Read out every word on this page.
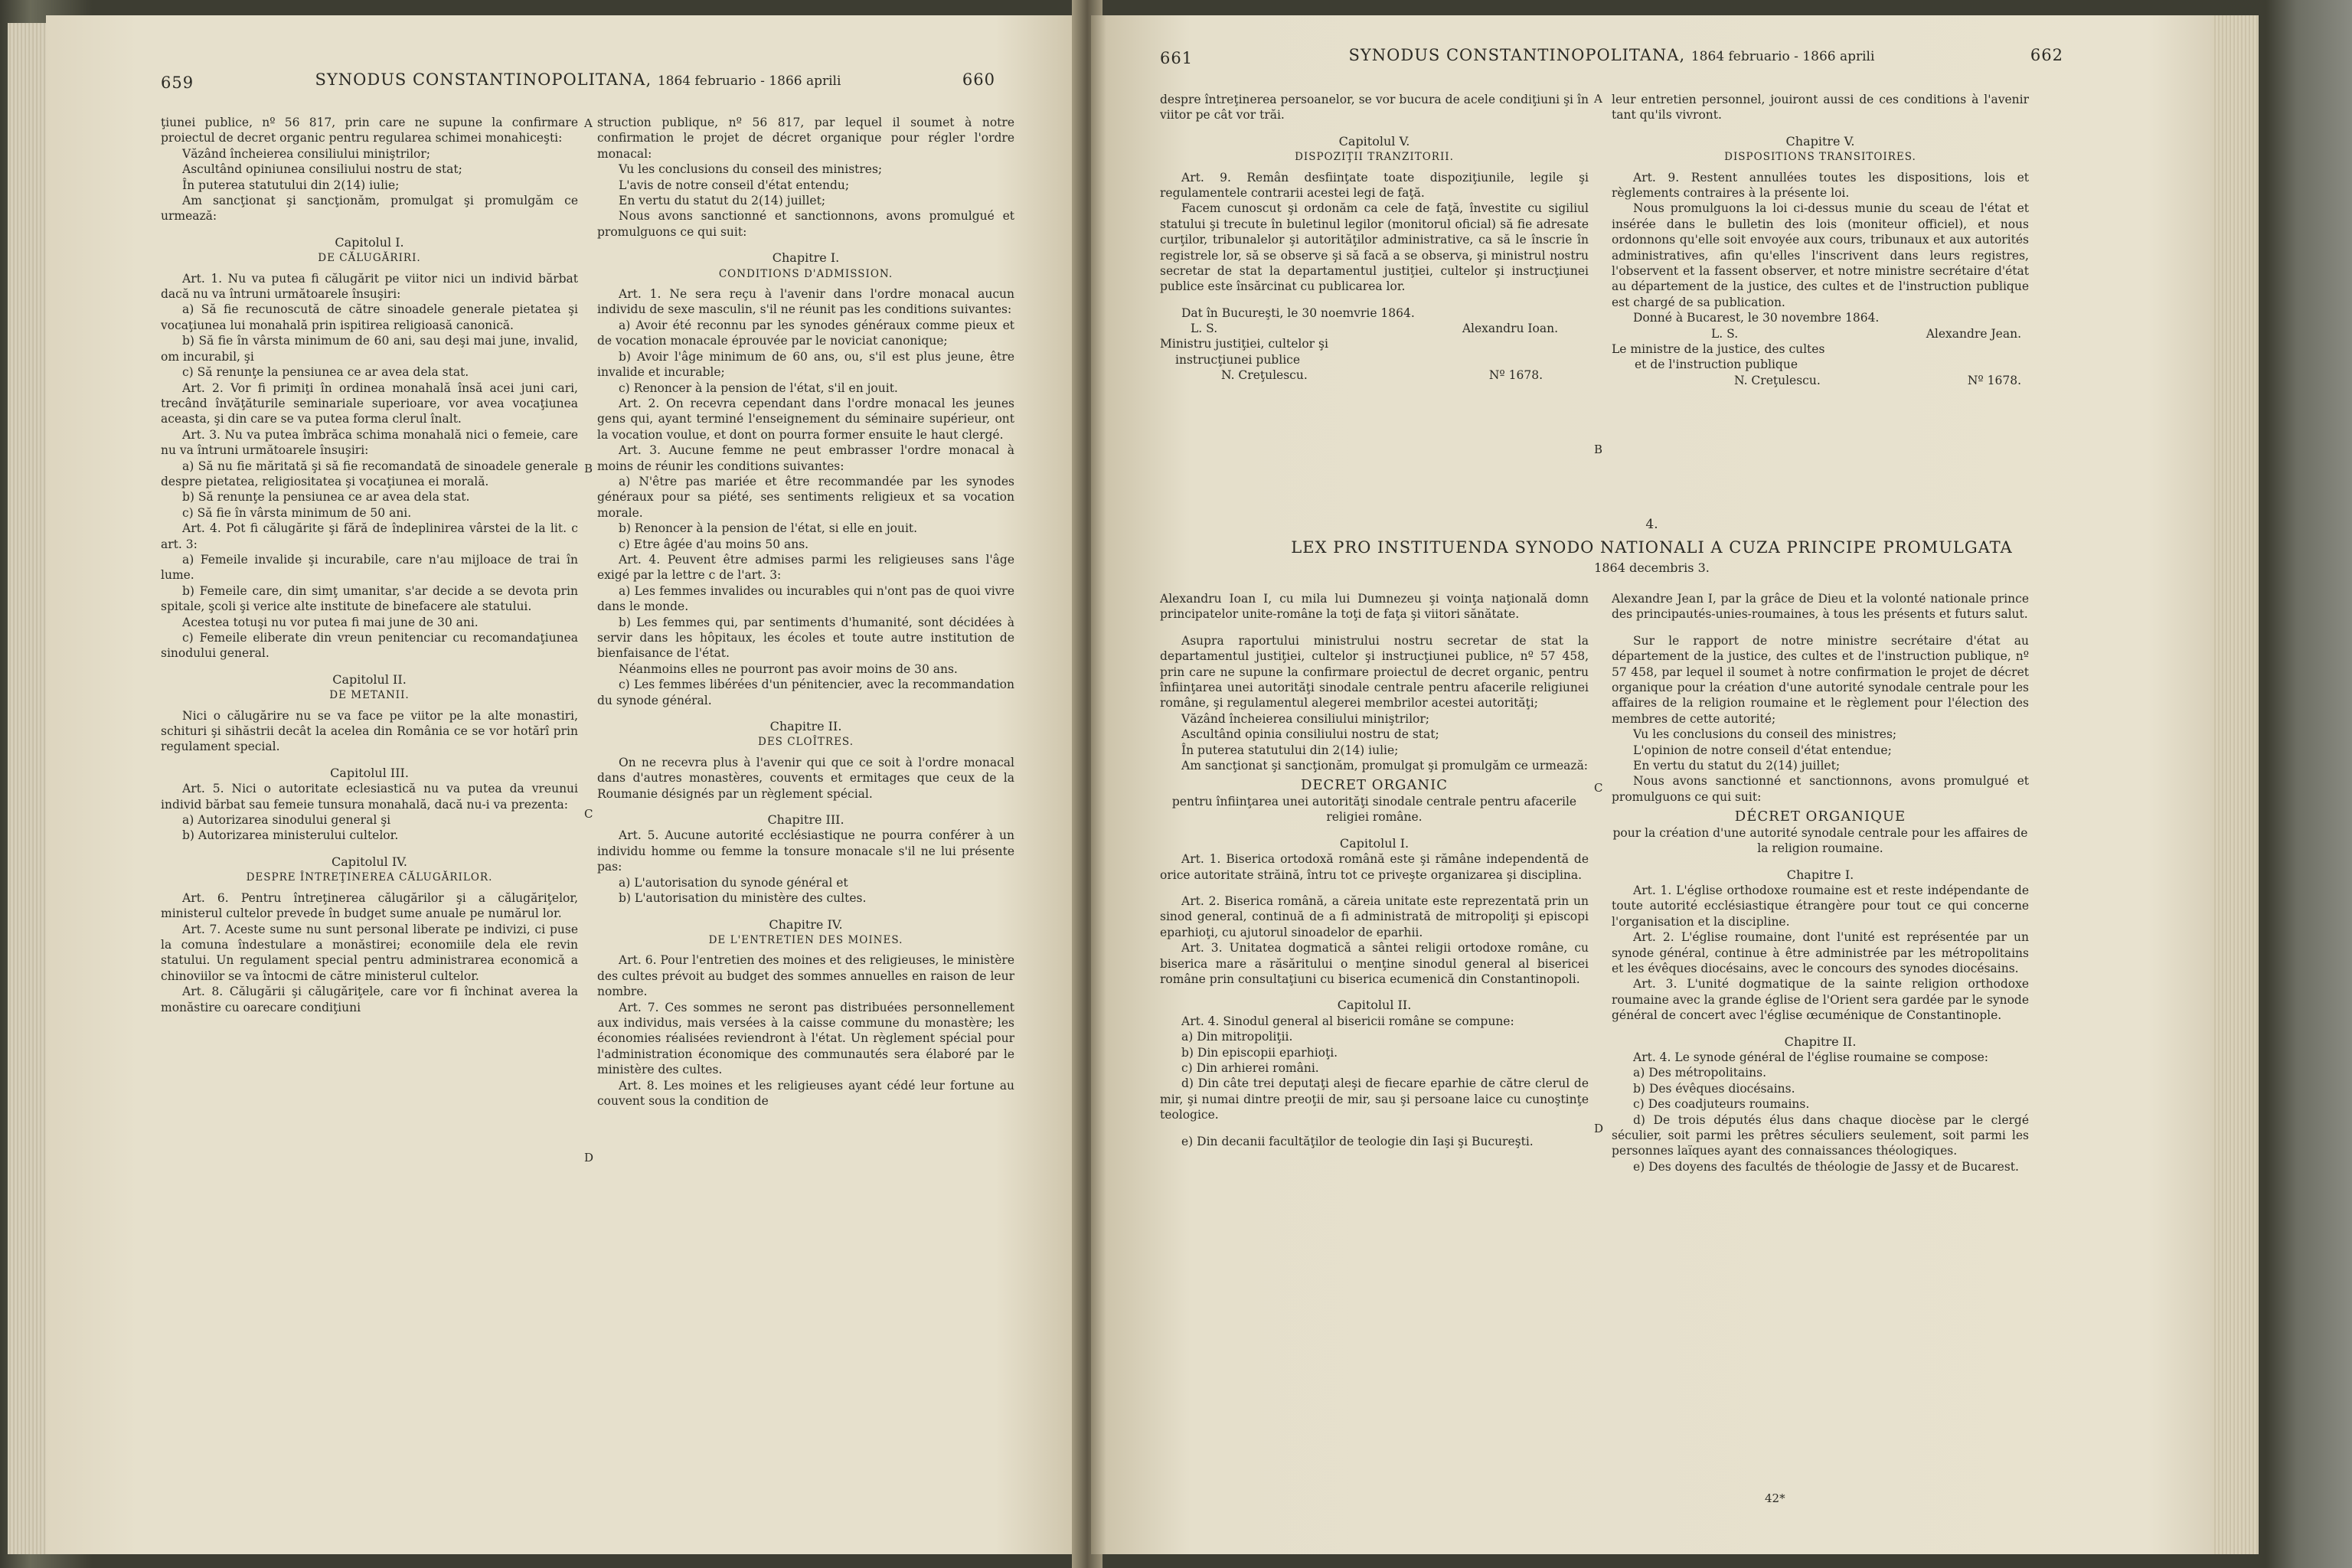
659	SYNODUS CONSTANTINOPOLITANA, 1864 februario - 1866 aprili	660

ţiunei publice, nº 56 817, prin care ne supune la confirmare proiectul de decret organic pentru regularea schimei monahiceşti:

Văzând încheierea consiliului miniştrilor;

Ascultând opiniunea consiliului nostru de stat;

În puterea statutului din 2(14) iulie;

Am sancţionat şi sancţionăm, promulgat şi promulgăm ce urmează:

Capitolul I.
DE CĂLUGĂRIRI.

Art. 1. Nu va putea fi călugărit pe viitor nici un individ bărbat dacă nu va întruni următoarele însuşiri:

a) Să fie recunoscută de către sinoadele generale pietatea şi vocaţiunea lui monahală prin ispitirea religioasă canonică.

b) Să fie în vârsta minimum de 60 ani, sau deşi mai june, invalid, om incurabil, şi

c) Să renunţe la pensiunea ce ar avea dela stat.

Art. 2. Vor fi primiţi în ordinea monahală însă acei juni cari, trecând învăţăturile seminariale superioare, vor avea vocaţiunea aceasta, şi din care se va putea forma clerul înalt.

Art. 3. Nu va putea îmbrăca schima monahală nici o femeie, care nu va întruni următoarele însuşiri:

a) Să nu fie măritată şi să fie recomandată de sinoadele generale despre pietatea, religiositatea şi vocaţiunea ei morală.

b) Să renunţe la pensiunea ce ar avea dela stat.

c) Să fie în vârsta minimum de 50 ani.

Art. 4. Pot fi călugărite şi fără de îndeplinirea vârstei de la lit. c art. 3:

a) Femeile invalide şi incurabile, care n'au mijloace de trai în lume.

b) Femeile care, din simţ umanitar, s'ar decide a se devota prin spitale, şcoli şi verice alte institute de binefacere ale statului.

Acestea totuşi nu vor putea fi mai june de 30 ani.

c) Femeile eliberate din vreun penitenciar cu recomandaţiunea sinodului general.

Capitolul II.
DE METANII.

Nici o călugărire nu se va face pe viitor pe la alte monastiri, schituri şi sihăstrii decât la acelea din România ce se vor hotărî prin regulament special.

Capitolul III.

Art. 5. Nici o autoritate eclesiastică nu va putea da vreunui individ bărbat sau femeie tunsura monahală, dacă nu-i va prezenta:

a) Autorizarea sinodului general şi

b) Autorizarea ministerului cultelor.

Capitolul IV.
DESPRE ÎNTREŢINEREA CĂLUGĂRILOR.

Art. 6. Pentru întreţinerea călugărilor şi a călugăriţelor, ministerul cultelor prevede în budget sume anuale pe numărul lor.

Art. 7. Aceste sume nu sunt personal liberate pe indivizi, ci puse la comuna îndestulare a monăstirei; economiile dela ele revin statului. Un regulament special pentru administrarea economică a chinoviilor se va întocmi de către ministerul cultelor.

Art. 8. Călugării şi călugăriţele, care vor fi închinat averea la monăstire cu oarecare condiţiuni

struction publique, nº 56 817, par lequel il soumet à notre confirmation le projet de décret organique pour régler l'ordre monacal:

Vu les conclusions du conseil des ministres;

L'avis de notre conseil d'état entendu;

En vertu du statut du 2(14) juillet;

Nous avons sanctionné et sanctionnons, avons promulgué et promulguons ce qui suit:

Chapitre I.
CONDITIONS D'ADMISSION.

Art. 1. Ne sera reçu à l'avenir dans l'ordre monacal aucun individu de sexe masculin, s'il ne réunit pas les conditions suivantes:

a) Avoir été reconnu par les synodes généraux comme pieux et de vocation monacale éprouvée par le noviciat canonique;

b) Avoir l'âge minimum de 60 ans, ou, s'il est plus jeune, être invalide et incurable;

c) Renoncer à la pension de l'état, s'il en jouit.

Art. 2. On recevra cependant dans l'ordre monacal les jeunes gens qui, ayant terminé l'enseignement du séminaire supérieur, ont la vocation voulue, et dont on pourra former ensuite le haut clergé.

Art. 3. Aucune femme ne peut embrasser l'ordre monacal à moins de réunir les conditions suivantes:

a) N'être pas mariée et être recommandée par les synodes généraux pour sa piété, ses sentiments religieux et sa vocation morale.

b) Renoncer à la pension de l'état, si elle en jouit.

c) Etre âgée d'au moins 50 ans.

Art. 4. Peuvent être admises parmi les religieuses sans l'âge exigé par la lettre c de l'art. 3:

a) Les femmes invalides ou incurables qui n'ont pas de quoi vivre dans le monde.

b) Les femmes qui, par sentiments d'humanité, sont décidées à servir dans les hôpitaux, les écoles et toute autre institution de bienfaisance de l'état.

Néanmoins elles ne pourront pas avoir moins de 30 ans.

c) Les femmes libérées d'un pénitencier, avec la recommandation du synode général.

Chapitre II.
DES CLOÎTRES.

On ne recevra plus à l'avenir qui que ce soit à l'ordre monacal dans d'autres monastères, couvents et ermitages que ceux de la Roumanie désignés par un règlement spécial.

Chapitre III.

Art. 5. Aucune autorité ecclésiastique ne pourra conférer à un individu homme ou femme la tonsure monacale s'il ne lui présente pas:

a) L'autorisation du synode général et

b) L'autorisation du ministère des cultes.

Chapitre IV.
DE L'ENTRETIEN DES MOINES.

Art. 6. Pour l'entretien des moines et des religieuses, le ministère des cultes prévoit au budget des sommes annuelles en raison de leur nombre.

Art. 7. Ces sommes ne seront pas distribuées personnellement aux individus, mais versées à la caisse commune du monastère; les économies réalisées reviendront à l'état. Un règlement spécial pour l'administration économique des communautés sera élaboré par le ministère des cultes.

Art. 8. Les moines et les religieuses ayant cédé leur fortune au couvent sous la condition de

A
B
C
D
661	SYNODUS CONSTANTINOPOLITANA, 1864 februario - 1866 aprili	662

despre întreţinerea persoanelor, se vor bucura de acele condiţiuni şi în viitor pe cât vor trăi.

Capitolul V.
DISPOZIŢII TRANZITORII.

Art. 9. Remân desfiinţate toate dispoziţiunile, legile şi regulamentele contrarii acestei legi de faţă.

Facem cunoscut şi ordonăm ca cele de faţă, învestite cu sigiliul statului şi trecute în buletinul legilor (monitorul oficial) să fie adresate curţilor, tribunalelor şi autorităţilor administrative, ca să le înscrie în registrele lor, să se observe şi să facă a se observa, şi ministrul nostru secretar de stat la departamentul justiţiei, cultelor şi instrucţiunei publice este însărcinat cu publicarea lor.

Dat în Bucureşti, le 30 noemvrie 1864.

L. S.	Alexandru Ioan.

Ministru justiţiei, cultelor şi

instrucţiunei publice

N. Creţulescu.	Nº 1678.

leur entretien personnel, jouiront aussi de ces conditions à l'avenir tant qu'ils vivront.

Chapitre V.
DISPOSITIONS TRANSITOIRES.

Art. 9. Restent annullées toutes les dispositions, lois et règlements contraires à la présente loi.

Nous promulguons la loi ci-dessus munie du sceau de l'état et insérée dans le bulletin des lois (moniteur officiel), et nous ordonnons qu'elle soit envoyée aux cours, tribunaux et aux autorités administratives, afin qu'elles l'inscrivent dans leurs registres, l'observent et la fassent observer, et notre ministre secrétaire d'état au département de la justice, des cultes et de l'instruction publique est chargé de sa publication.

Donné à Bucarest, le 30 novembre 1864.

L. S.	Alexandre Jean.

Le ministre de la justice, des cultes

et de l'instruction publique

N. Creţulescu.	Nº 1678.
A
B
C
D
4.
LEX PRO INSTITUENDA SYNODO NATIONALI A CUZA PRINCIPE PROMULGATA
1864 decembris 3.

Alexandru Ioan I, cu mila lui Dumnezeu şi voinţa naţională domn principatelor unite-române la toţi de faţa şi viitori sănătate.

Asupra raportului ministrului nostru secretar de stat la departamentul justiţiei, cultelor şi instrucţiunei publice, nº 57 458, prin care ne supune la confirmare proiectul de decret organic, pentru înfiinţarea unei autorităţi sinodale centrale pentru afacerile religiunei române, şi regulamentul alegerei membrilor acestei autorităţi;

Văzând încheierea consiliului miniştrilor;

Ascultând opinia consiliului nostru de stat;

În puterea statutului din 2(14) iulie;

Am sancţionat şi sancţionăm, promulgat şi promulgăm ce urmează:

DECRET ORGANIC
pentru înfiinţarea unei autorităţi sinodale centrale pentru afacerile religiei române.
Capitolul I.

Art. 1. Biserica ortodoxă română este şi rămâne independentă de orice autoritate străină, întru tot ce priveşte organizarea şi disciplina.

Art. 2. Biserica română, a căreia unitate este reprezentată prin un sinod general, continuă de a fi administrată de mitropoliţi şi episcopi eparhioţi, cu ajutorul sinoadelor de eparhii.

Art. 3. Unitatea dogmatică a sântei religii ortodoxe române, cu biserica mare a răsăritului o menţine sinodul general al bisericei române prin consultaţiuni cu biserica ecumenică din Constantinopoli.

Capitolul II.

Art. 4. Sinodul general al bisericii române se compune:

a) Din mitropoliţii.

b) Din episcopii eparhioţi.

c) Din arhierei români.

d) Din câte trei deputaţi aleşi de fiecare eparhie de către clerul de mir, şi numai dintre preoţii de mir, sau şi persoane laice cu cunoştinţe teologice.

e) Din decanii facultăţilor de teologie din Iaşi şi Bucureşti.

Alexandre Jean I, par la grâce de Dieu et la volonté nationale prince des principautés-unies-roumaines, à tous les présents et futurs salut.

Sur le rapport de notre ministre secrétaire d'état au département de la justice, des cultes et de l'instruction publique, nº 57 458, par lequel il soumet à notre confirmation le projet de décret organique pour la création d'une autorité synodale centrale pour les affaires de la religion roumaine et le règlement pour l'élection des membres de cette autorité;

Vu les conclusions du conseil des ministres;

L'opinion de notre conseil d'état entendue;

En vertu du statut du 2(14) juillet;

Nous avons sanctionné et sanctionnons, avons promulgué et promulguons ce qui suit:

DÉCRET ORGANIQUE
pour la création d'une autorité synodale centrale pour les affaires de la religion roumaine.
Chapitre I.

Art. 1. L'église orthodoxe roumaine est et reste indépendante de toute autorité ecclésiastique étrangère pour tout ce qui concerne l'organisation et la discipline.

Art. 2. L'église roumaine, dont l'unité est représentée par un synode général, continue à être administrée par les métropolitains et les évêques diocésains, avec le concours des synodes diocésains.

Art. 3. L'unité dogmatique de la sainte religion orthodoxe roumaine avec la grande église de l'Orient sera gardée par le synode général de concert avec l'église œcuménique de Constantinople.

Chapitre II.

Art. 4. Le synode général de l'église roumaine se compose:

a) Des métropolitains.

b) Des évêques diocésains.

c) Des coadjuteurs roumains.

d) De trois députés élus dans chaque diocèse par le clergé séculier, soit parmi les prêtres séculiers seulement, soit parmi les personnes laïques ayant des connaissances théologiques.

e) Des doyens des facultés de théologie de Jassy et de Bucarest.

42*
